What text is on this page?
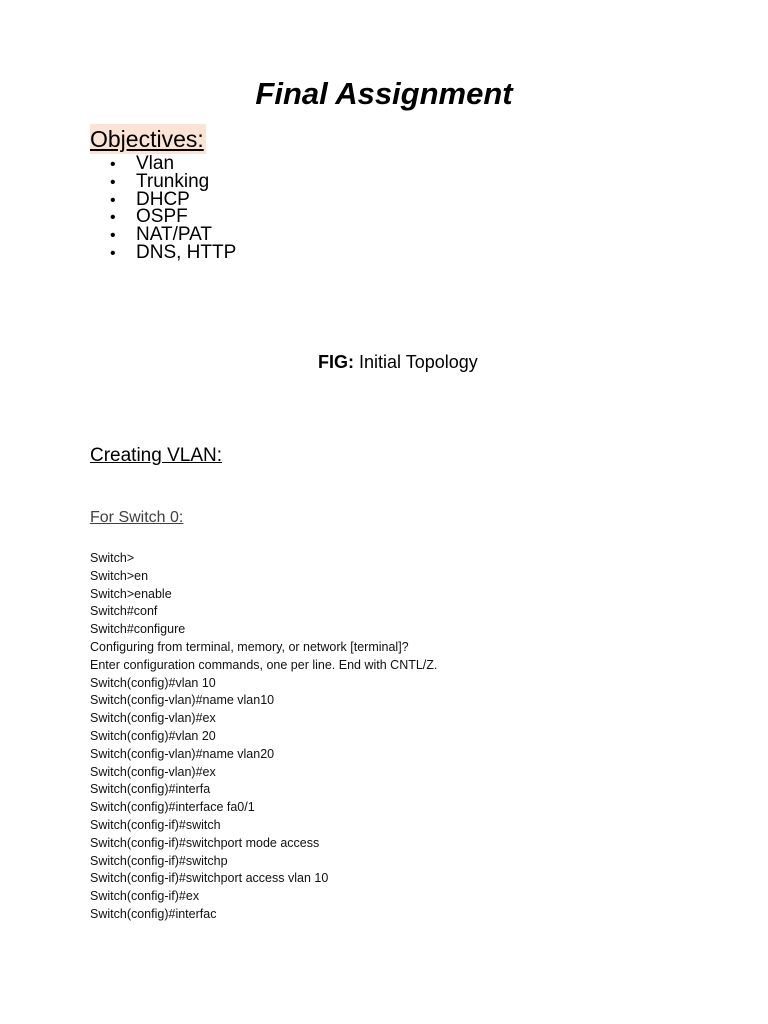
Final Assignment
Objectives:
• Vlan
• Trunking
• DHCP
• OSPF
• NAT/PAT
• DNS, HTTP
FIG: Initial Topology
Creating VLAN:
For Switch 0:
Switch>
Switch>en
Switch>enable
Switch#conf
Switch#configure
Configuring from terminal, memory, or network [terminal]?
Enter configuration commands, one per line. End with CNTL/Z.
Switch(config)#vlan 10
Switch(config-vlan)#name vlan10
Switch(config-vlan)#ex
Switch(config)#vlan 20
Switch(config-vlan)#name vlan20
Switch(config-vlan)#ex
Switch(config)#interfa
Switch(config)#interface fa0/1
Switch(config-if)#switch
Switch(config-if)#switchport mode access
Switch(config-if)#switchp
Switch(config-if)#switchport access vlan 10
Switch(config-if)#ex
Switch(config)#interfac
